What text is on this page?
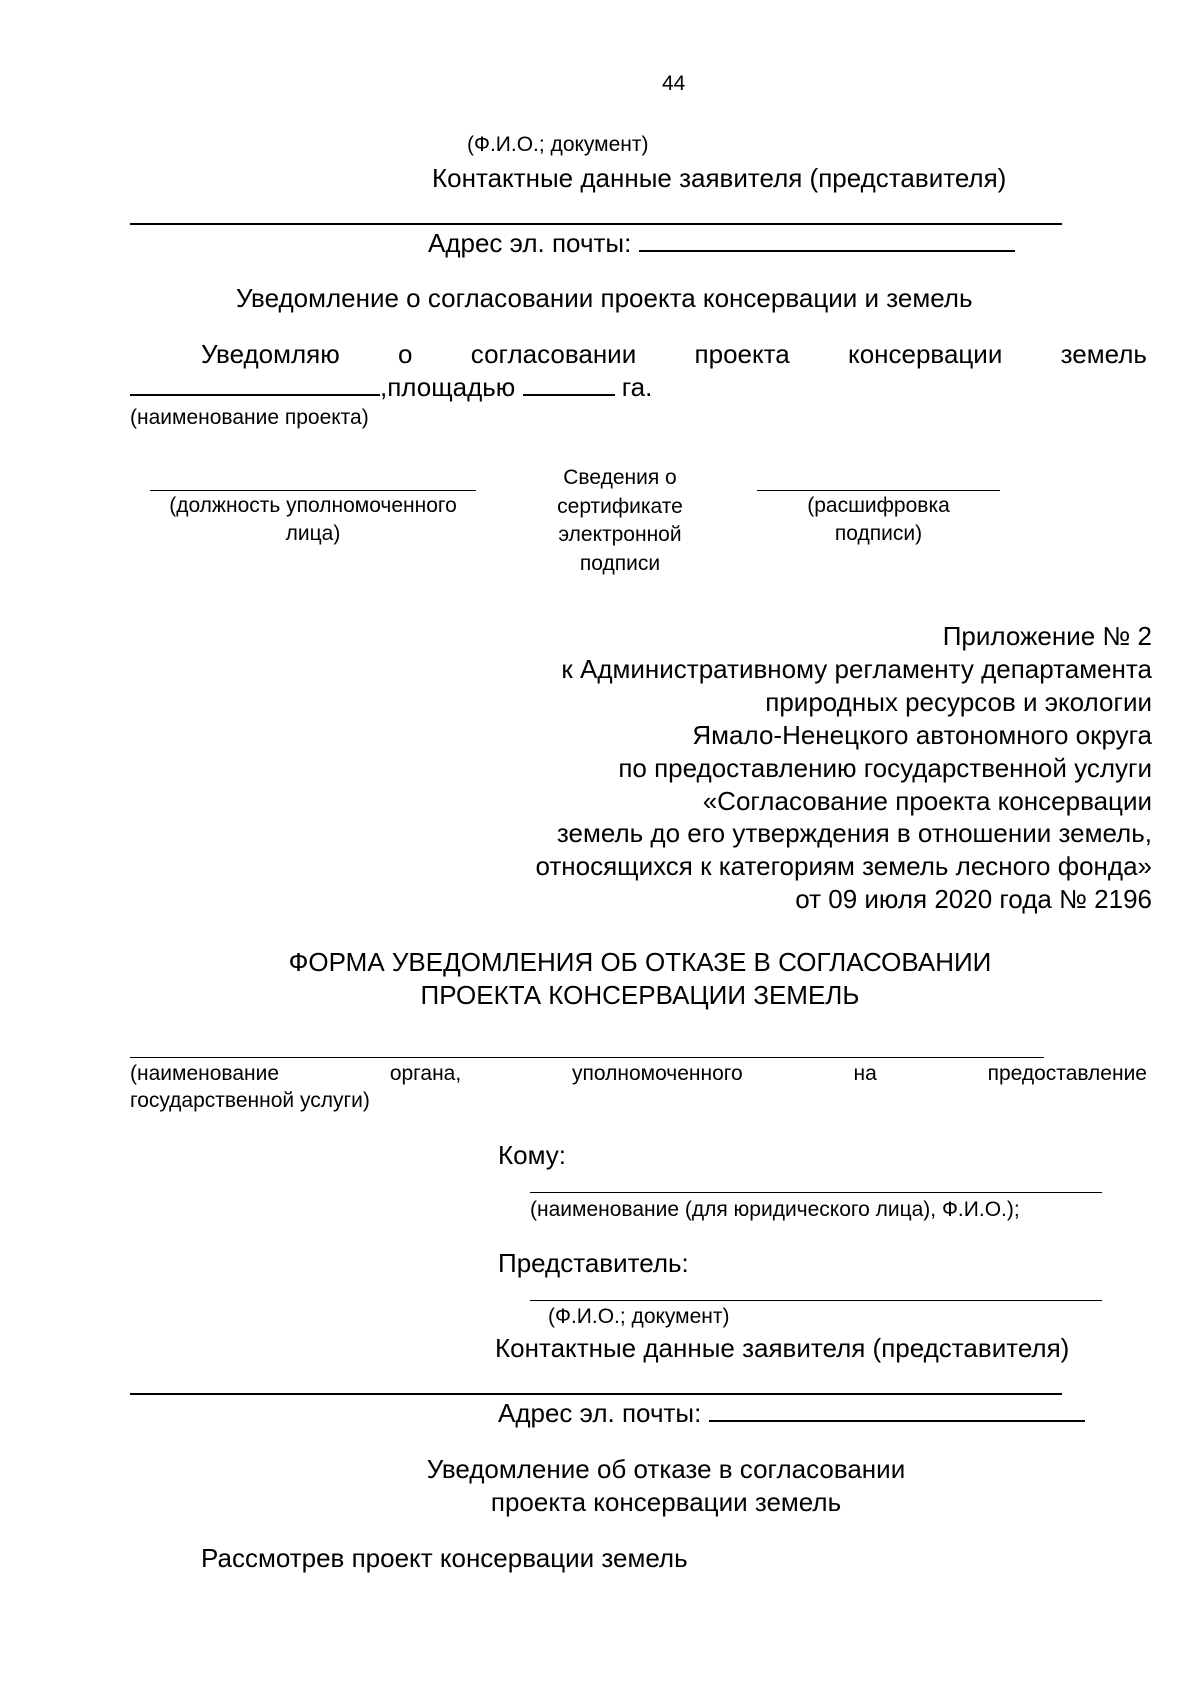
44
(Ф.И.О.; документ)
Контактные данные заявителя (представителя)
Адрес эл. почты:
Уведомление о согласовании проекта консервации и земель
Уведомляю о согласовании проекта консервации земель
,площадью	га.
(наименование проекта)
(должность уполномоченного
лица)
Сведения о
сертификате
электронной
подписи
(расшифровка
подписи)
Приложение № 2
к Административному регламенту департамента
природных ресурсов и экологии
Ямало-Ненецкого автономного округа
по предоставлению государственной услуги
«Согласование проекта консервации
земель до его утверждения в отношении земель,
относящихся к категориям земель лесного фонда»
от 09 июля 2020 года № 2196
ФОРМА УВЕДОМЛЕНИЯ ОБ ОТКАЗЕ В СОГЛАСОВАНИИ
ПРОЕКТА КОНСЕРВАЦИИ ЗЕМЕЛЬ
(наименование	органа,	уполномоченного	на	предоставление
государственной услуги)
Кому:
(наименование (для юридического лица), Ф.И.О.);
Представитель:
(Ф.И.О.; документ)
Контактные данные заявителя (представителя)
Адрес эл. почты:
Уведомление об отказе в согласовании
проекта консервации земель
Рассмотрев проект консервации земель
